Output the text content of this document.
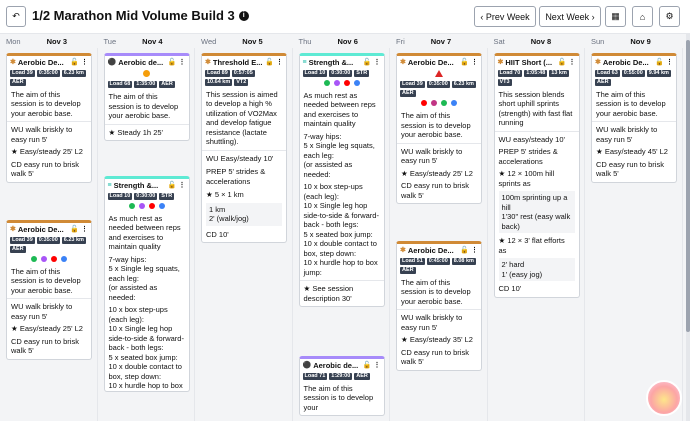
↶ 1/2 Marathon Mid Volume Build 3	i	‹ Prev Week Next Week ›	▦ ⌂ ⚙
Mon	Nov 3	Tue	Nov 4	Wed	Nov 5	Thu	Nov 6	Fri	Nov 7	Sat	Nov 8	Sun	Nov 9
✱ Aerobic De... 🔓 ⋮
Load 39	0:35:00	6.23 km
AER
The aim of this session is to develop your aerobic base.
WU walk briskly to easy run 5'
★ Easy/steady 25' L2
CD easy run to brisk walk 5'
✱ Aerobic De... 🔓 ⋮
Load 39	0:35:00	6.23 km
AER
The aim of this session is to develop your aerobic base.
WU walk briskly to easy run 5'
★ Easy/steady 25' L2
CD easy run to brisk walk 5'
⚫ Aerobic de... 🔓 ⋮
Load 68	1:35:00	AER
The aim of this session is to develop your aerobic base.
★ Steady 1h 25'
≡ Strength &...	🔓 ⋮
Load 10	0:30:00	STR
As much rest as needed between reps and exercises to maintain quality
7-way hips:
5 x Single leg squats, each leg:
(or assisted as needed:
10 x box step-ups (each leg):
10 x Single leg hop side-to-side & forward-back - both legs:
5 x seated box jump:
10 x double contact to box, step down:
10 x hurdle hop to box
✱ Threshold E... 🔓 ⋮
Load 89	0:57:05
10.64 km	VT2
This session is aimed to develop a high % utilization of VO2Max and develop fatigue resistance (lactate shuttling).
WU Easy/steady 10'
PREP 5' strides & accelerations
★ 5 × 1 km
1 km
2' (walk/jog)
CD 10'
≡ Strength &...	🔓 ⋮
Load 10	0:30:00	STR
As much rest as needed between reps and exercises to maintain quality
7-way hips:
5 x Single leg squats, each leg:
(or assisted as needed:
10 x box step-ups (each leg):
10 x Single leg hop side-to-side & forward-back - both legs:
5 x seated box jump:
10 x double contact to box, step down:
10 x hurdle hop to box jump:
★ See session description 30'
⚫ Aerobic de... 🔓 ⋮
Load 71	1:29:00	AER
The aim of this session is to develop your
✱ Aerobic De... 🔓 ⋮
Load 39	0:35:00	6.23 km
AER
The aim of this session is to develop your aerobic base.
WU walk briskly to easy run 5'
★ Easy/steady 25' L2
CD easy run to brisk walk 5'
✱ Aerobic De... 🔓 ⋮
Load 51	0:45:00	8.08 km
AER
The aim of this session is to develop your aerobic base.
WU walk briskly to easy run 5'
★ Easy/steady 35' L2
CD easy run to brisk walk 5'
✱ HIIT Short (... 🔓 ⋮
Load 70	1:05:48	13 km
VT3
This session blends short uphill sprints (strength) with fast flat running
WU easy/steady 10'
PREP 5' strides & accelerations
★ 12 × 100m hill sprints as
100m sprinting up a hill
1'30" rest (easy walk back)
★ 12 × 3' flat efforts as
2' hard
1' (easy jog)
CD 10'
✱ Aerobic De... 🔓 ⋮
Load 63	0:55:00	9.94 km
AER
The aim of this session is to develop your aerobic base.
WU walk briskly to easy run 5'
★ Easy/steady 45' L2
CD easy run to brisk walk 5'
